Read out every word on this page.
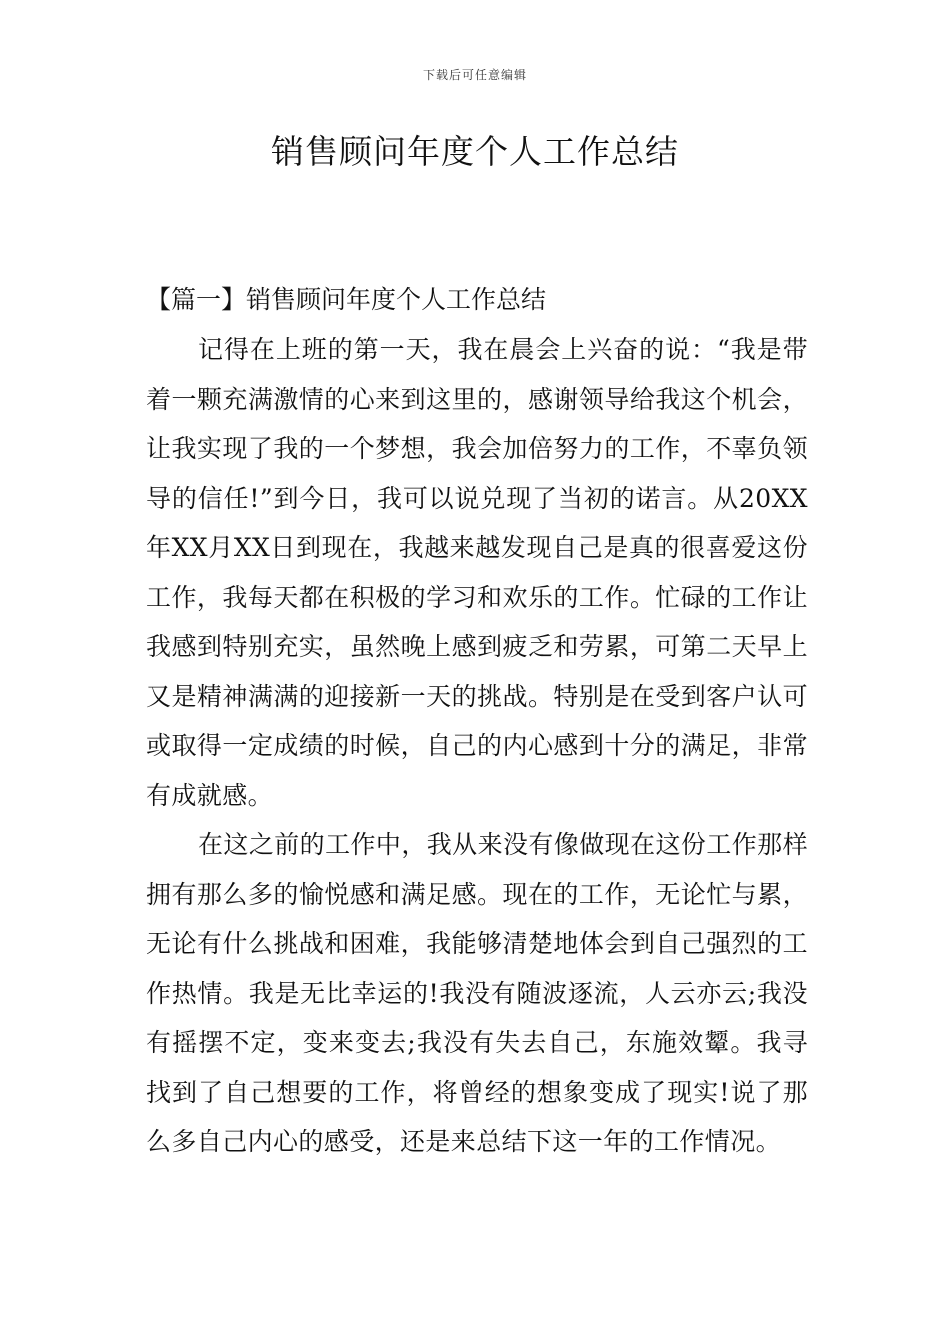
下载后可任意编辑
销售顾问年度个人工作总结
【篇一】销售顾问年度个人工作总结

记得在上班的第一天，我在晨会上兴奋的说：“我是带着一颗充满激情的心来到这里的，感谢领导给我这个机会，让我实现了我的一个梦想，我会加倍努力的工作，不辜负领导的信任!”到今日，我可以说兑现了当初的诺言。从20XX年XX月XX日到现在，我越来越发现自己是真的很喜爱这份工作，我每天都在积极的学习和欢乐的工作。忙碌的工作让我感到特别充实，虽然晚上感到疲乏和劳累，可第二天早上又是精神满满的迎接新一天的挑战。特别是在受到客户认可或取得一定成绩的时候，自己的内心感到十分的满足，非常有成就感。

在这之前的工作中，我从来没有像做现在这份工作那样拥有那么多的愉悦感和满足感。现在的工作，无论忙与累，无论有什么挑战和困难，我能够清楚地体会到自己强烈的工作热情。我是无比幸运的!我没有随波逐流，人云亦云;我没有摇摆不定，变来变去;我没有失去自己，东施效颦。我寻找到了自己想要的工作，将曾经的想象变成了现实!说了那么多自己内心的感受，还是来总结下这一年的工作情况。
